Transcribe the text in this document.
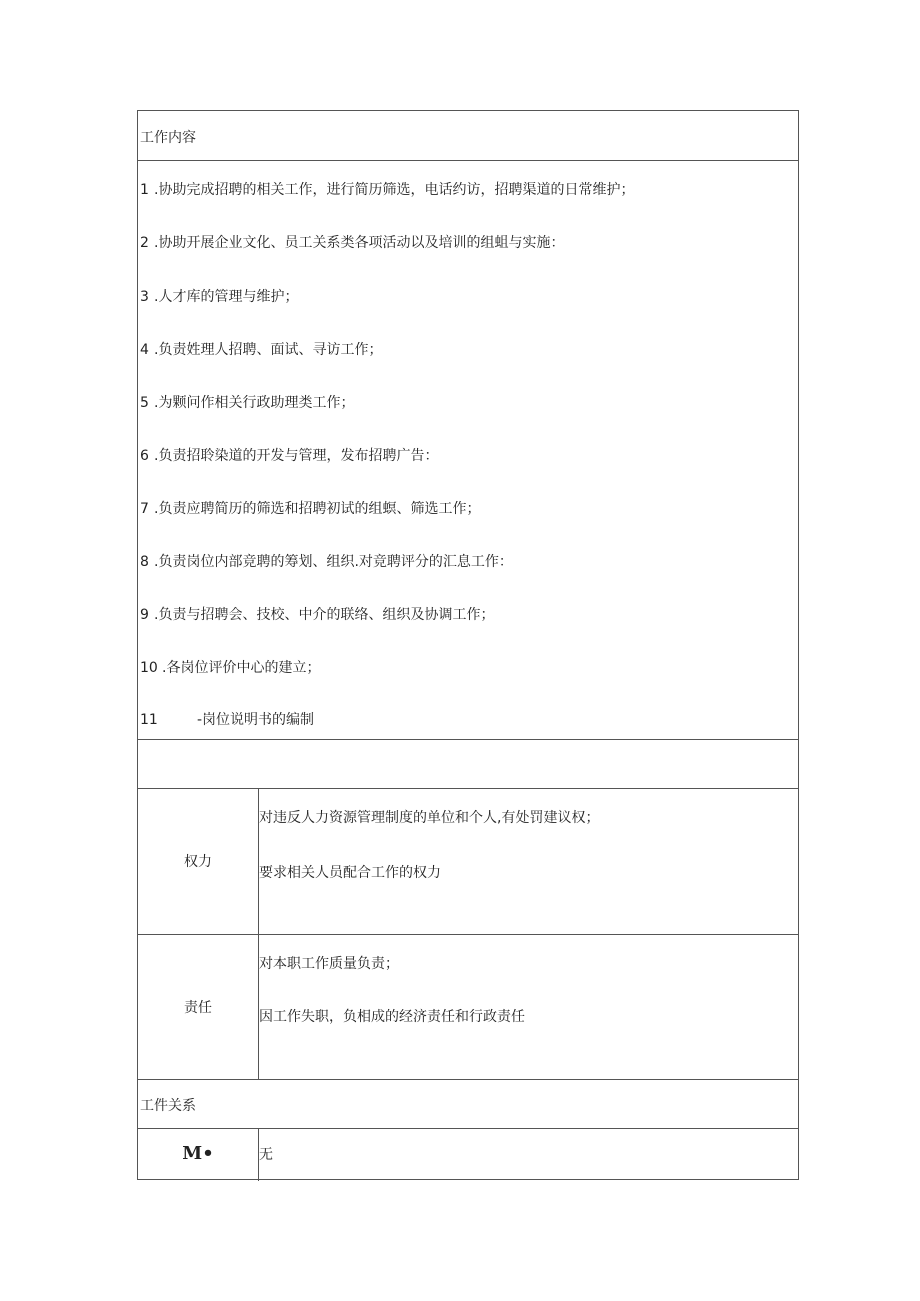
工作内容
1 .协助完成招聘的相关工作，进行简历筛选，电话约访，招聘渠道的日常维护；
2 .协助开展企业文化、员工关系类各项活动以及培训的组蛆与实施：
3 .人才库的管理与维护；
4 .负责姓理人招聘、面试、寻访工作；
5 .为颗问作相关行政助理类工作；
6 .负责招聆染道的开发与管理，发布招聘广告：
7 .负责应聘简历的筛选和招聘初试的组螟、筛选工作；
8 .负责岗位内部竞聘的筹划、组织.对竞聘评分的汇息工作：
9 .负责与招聘会、技校、中介的联络、组织及协调工作；
10 .各岗位评价中心的建立；
11	-岗位说明书的编制
权力
对违反人力资源管理制度的单位和个人,有处罚建议权；
要求相关人员配合工作的权力
责任
对本职工作质量负责；
因工作失职，负相成的经济责任和行政责任
工件关系
M•	无
